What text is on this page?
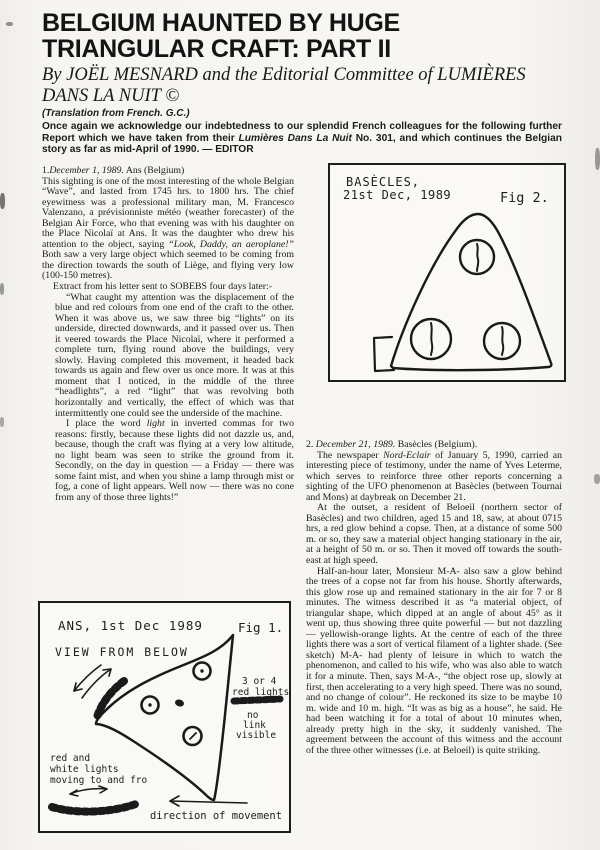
BELGIUM HAUNTED BY HUGE TRIANGULAR CRAFT: PART II
By JOËL MESNARD and the Editorial Committee of LUMIÈRES DANS LA NUIT ©
(Translation from French. G.C.)

Once again we acknowledge our indebtedness to our splendid French colleagues for the following further Report which we have taken from their Lumières Dans La Nuit No. 301, and which continues the Belgian story as far as mid-April of 1990. — EDITOR

1.December 1, 1989. Ans (Belgium)

This sighting is one of the most interesting of the whole Belgian “Wave”, and lasted from 1745 hrs. to 1800 hrs. The chief eyewitness was a professional military man, M. Francesco Valenzano, a prévisionniste météo (weather forecaster) of the Belgian Air Force, who that evening was with his daughter on the Place Nicolaï at Ans. It was the daughter who drew his attention to the object, saying “Look, Daddy, an aeroplane!” Both saw a very large object which seemed to be coming from the direction towards the south of Liège, and flying very low (100-150 metres).

Extract from his letter sent to SOBEBS four days later:-

“What caught my attention was the displacement of the blue and red colours from one end of the craft to the other. When it was above us, we saw three big “lights” on its underside, directed downwards, and it passed over us. Then it veered towards the Place Nicolaï, where it performed a complete turn, flying round above the buildings, very slowly. Having completed this movement, it headed back towards us again and flew over us once more. It was at this moment that I noticed, in the middle of the three “headlights”, a red “light” that was revolving both horizontally and vertically, the effect of which was that intermittently one could see the underside of the machine.

I place the word light in inverted commas for two reasons: firstly, because these lights did not dazzle us, and, because, though the craft was flying at a very low altitude, no light beam was seen to strike the ground from it. Secondly, on the day in question — a Friday — there was some faint mist, and when you shine a lamp through mist or fog, a cone of light appears. Well now — there was no cone from any of those three lights!”

2. December 21, 1989. Basècles (Belgium).

The newspaper Nord-Eclair of January 5, 1990, carried an interesting piece of testimony, under the name of Yves Leterme, which serves to reinforce three other reports concerning a sighting of the UFO phenomenon at Basècles (between Tournai and Mons) at daybreak on December 21.

At the outset, a resident of Beloeil (northern sector of Basècles) and two children, aged 15 and 18, saw, at about 0715 hrs, a red glow behind a copse. Then, at a distance of some 500 m. or so, they saw a material object hanging stationary in the air, at a height of 50 m. or so. Then it moved off towards the south-east at high speed.

Half-an-hour later, Monsieur M-A- also saw a glow behind the trees of a copse not far from his house. Shortly afterwards, this glow rose up and remained stationary in the air for 7 or 8 minutes. The witness described it as “a material object, of triangular shape, which dipped at an angle of about 45° as it went up, thus showing three quite powerful — but not dazzling — yellowish-orange lights. At the centre of each of the three lights there was a sort of vertical filament of a lighter shade. (See sketch) M-A- had plenty of leisure in which to watch the phenomenon, and called to his wife, who was also able to watch it for a minute. Then, says M-A-, “the object rose up, slowly at first, then accelerating to a very high speed. There was no sound, and no change of colour”. He reckoned its size to be maybe 10 m. wide and 10 m. high. “It was as big as a house”, he said. He had been watching it for a total of about 10 minutes when, already pretty high in the sky, it suddenly vanished. The agreement between the account of this witness and the account of the three other witnesses (i.e. at Beloeil) is quite striking.

ANS, 1st Dec 1989	Fig 1.
VIEW FROM BELOW
3 or 4
red lights
no
link
visible
red and
white lights
moving to and fro
direction of movement
BASÈCLES,
21st Dec, 1989	Fig 2.
